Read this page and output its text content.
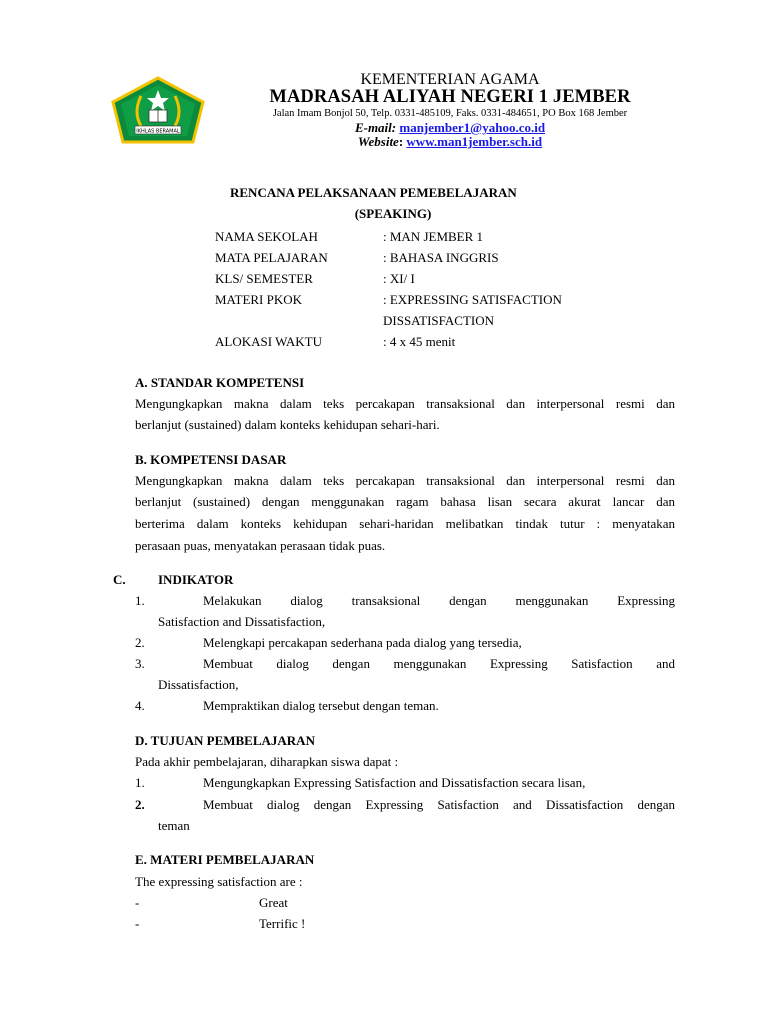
IKHLAS BERAMAL
KEMENTERIAN AGAMA
MADRASAH ALIYAH NEGERI 1 JEMBER
Jalan Imam Bonjol 50, Telp. 0331-485109, Faks. 0331-484651, PO Box 168 Jember
E-mail: manjember1@yahoo.co.id
Website: www.man1jember.sch.id
RENCANA PELAKSANAAN PEMEBELAJARAN
(SPEAKING)
NAMA SEKOLAH	: MAN JEMBER 1
MATA PELAJARAN	: BAHASA INGGRIS
KLS/ SEMESTER	: XI/ I
MATERI PKOK	: EXPRESSING SATISFACTION
DISSATISFACTION
ALOKASI WAKTU	: 4 x 45 menit
A. STANDAR KOMPETENSI
Mengungkapkan makna dalam teks percakapan transaksional dan interpersonal resmi dan
berlanjut (sustained) dalam konteks kehidupan sehari-hari.
B. KOMPETENSI DASAR
Mengungkapkan makna dalam teks percakapan transaksional dan interpersonal resmi dan
berlanjut (sustained) dengan menggunakan ragam bahasa lisan secara akurat lancar dan
berterima dalam konteks kehidupan sehari-haridan melibatkan tindak tutur : menyatakan
perasaan puas, menyatakan perasaan tidak puas.
C. INDIKATOR
1.	Melakukan dialog transaksional dengan menggunakan Expressing
Satisfaction and Dissatisfaction,
2.	Melengkapi percakapan sederhana pada dialog yang tersedia,
3.	Membuat dialog dengan menggunakan Expressing Satisfaction and
Dissatisfaction,
4.	Mempraktikan dialog tersebut dengan teman.
D. TUJUAN PEMBELAJARAN
Pada akhir pembelajaran, diharapkan siswa dapat :
1.	Mengungkapkan Expressing Satisfaction and Dissatisfaction secara lisan,
2.	Membuat dialog dengan Expressing Satisfaction and Dissatisfaction dengan
teman
E. MATERI PEMBELAJARAN
The expressing satisfaction are :
-	Great
-	Terrific !
